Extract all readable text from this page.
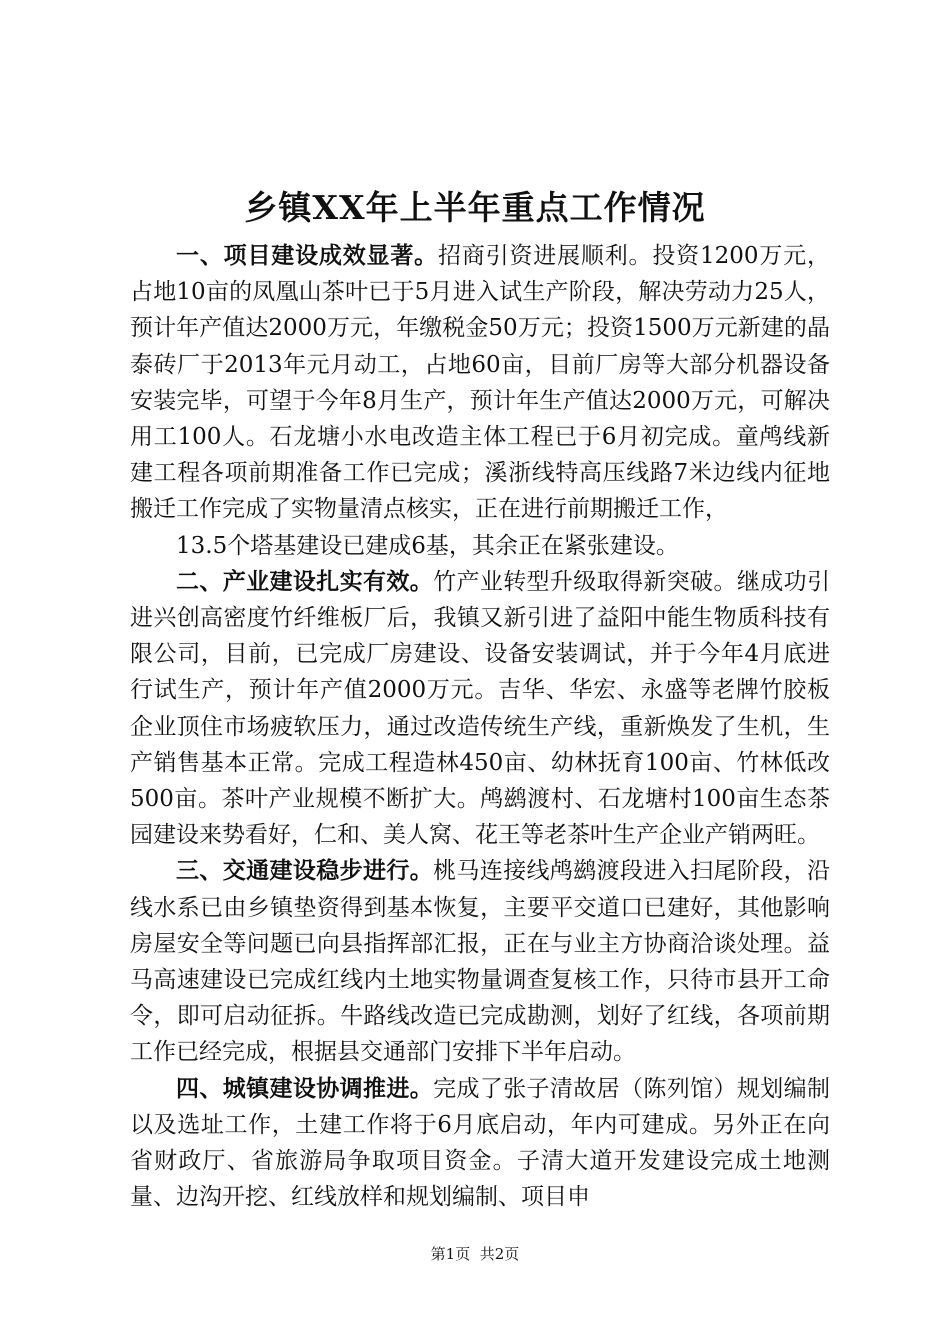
乡镇XX年上半年重点工作情况

一、项目建设成效显著。招商引资进展顺利。投资1200万元，占地10亩的凤凰山茶叶已于5月进入试生产阶段，解决劳动力25人，预计年产值达2000万元，年缴税金50万元；投资1500万元新建的晶泰砖厂于2013年元月动工，占地60亩，目前厂房等大部分机器设备安装完毕，可望于今年8月生产，预计年生产值达2000万元，可解决用工100人。石龙塘小水电改造主体工程已于6月初完成。童鸬线新建工程各项前期准备工作已完成；溪浙线特高压线路7米边线内征地搬迁工作完成了实物量清点核实，正在进行前期搬迁工作，

13.5个塔基建设已建成6基，其余正在紧张建设。

二、产业建设扎实有效。竹产业转型升级取得新突破。继成功引进兴创高密度竹纤维板厂后，我镇又新引进了益阳中能生物质科技有限公司，目前，已完成厂房建设、设备安装调试，并于今年4月底进行试生产，预计年产值2000万元。吉华、华宏、永盛等老牌竹胶板企业顶住市场疲软压力，通过改造传统生产线，重新焕发了生机，生产销售基本正常。完成工程造林450亩、幼林抚育100亩、竹林低改500亩。茶叶产业规模不断扩大。鸬鹚渡村、石龙塘村100亩生态茶园建设来势看好，仁和、美人窝、花王等老茶叶生产企业产销两旺。

三、交通建设稳步进行。桃马连接线鸬鹚渡段进入扫尾阶段，沿线水系已由乡镇垫资得到基本恢复，主要平交道口已建好，其他影响房屋安全等问题已向县指挥部汇报，正在与业主方协商洽谈处理。益马高速建设已完成红线内土地实物量调查复核工作，只待市县开工命令，即可启动征拆。牛路线改造已完成勘测，划好了红线，各项前期工作已经完成，根据县交通部门安排下半年启动。

四、城镇建设协调推进。完成了张子清故居（陈列馆）规划编制以及选址工作，土建工作将于6月底启动，年内可建成。另外正在向省财政厅、省旅游局争取项目资金。子清大道开发建设完成土地测量、边沟开挖、红线放样和规划编制、项目申

第1页 共2页
